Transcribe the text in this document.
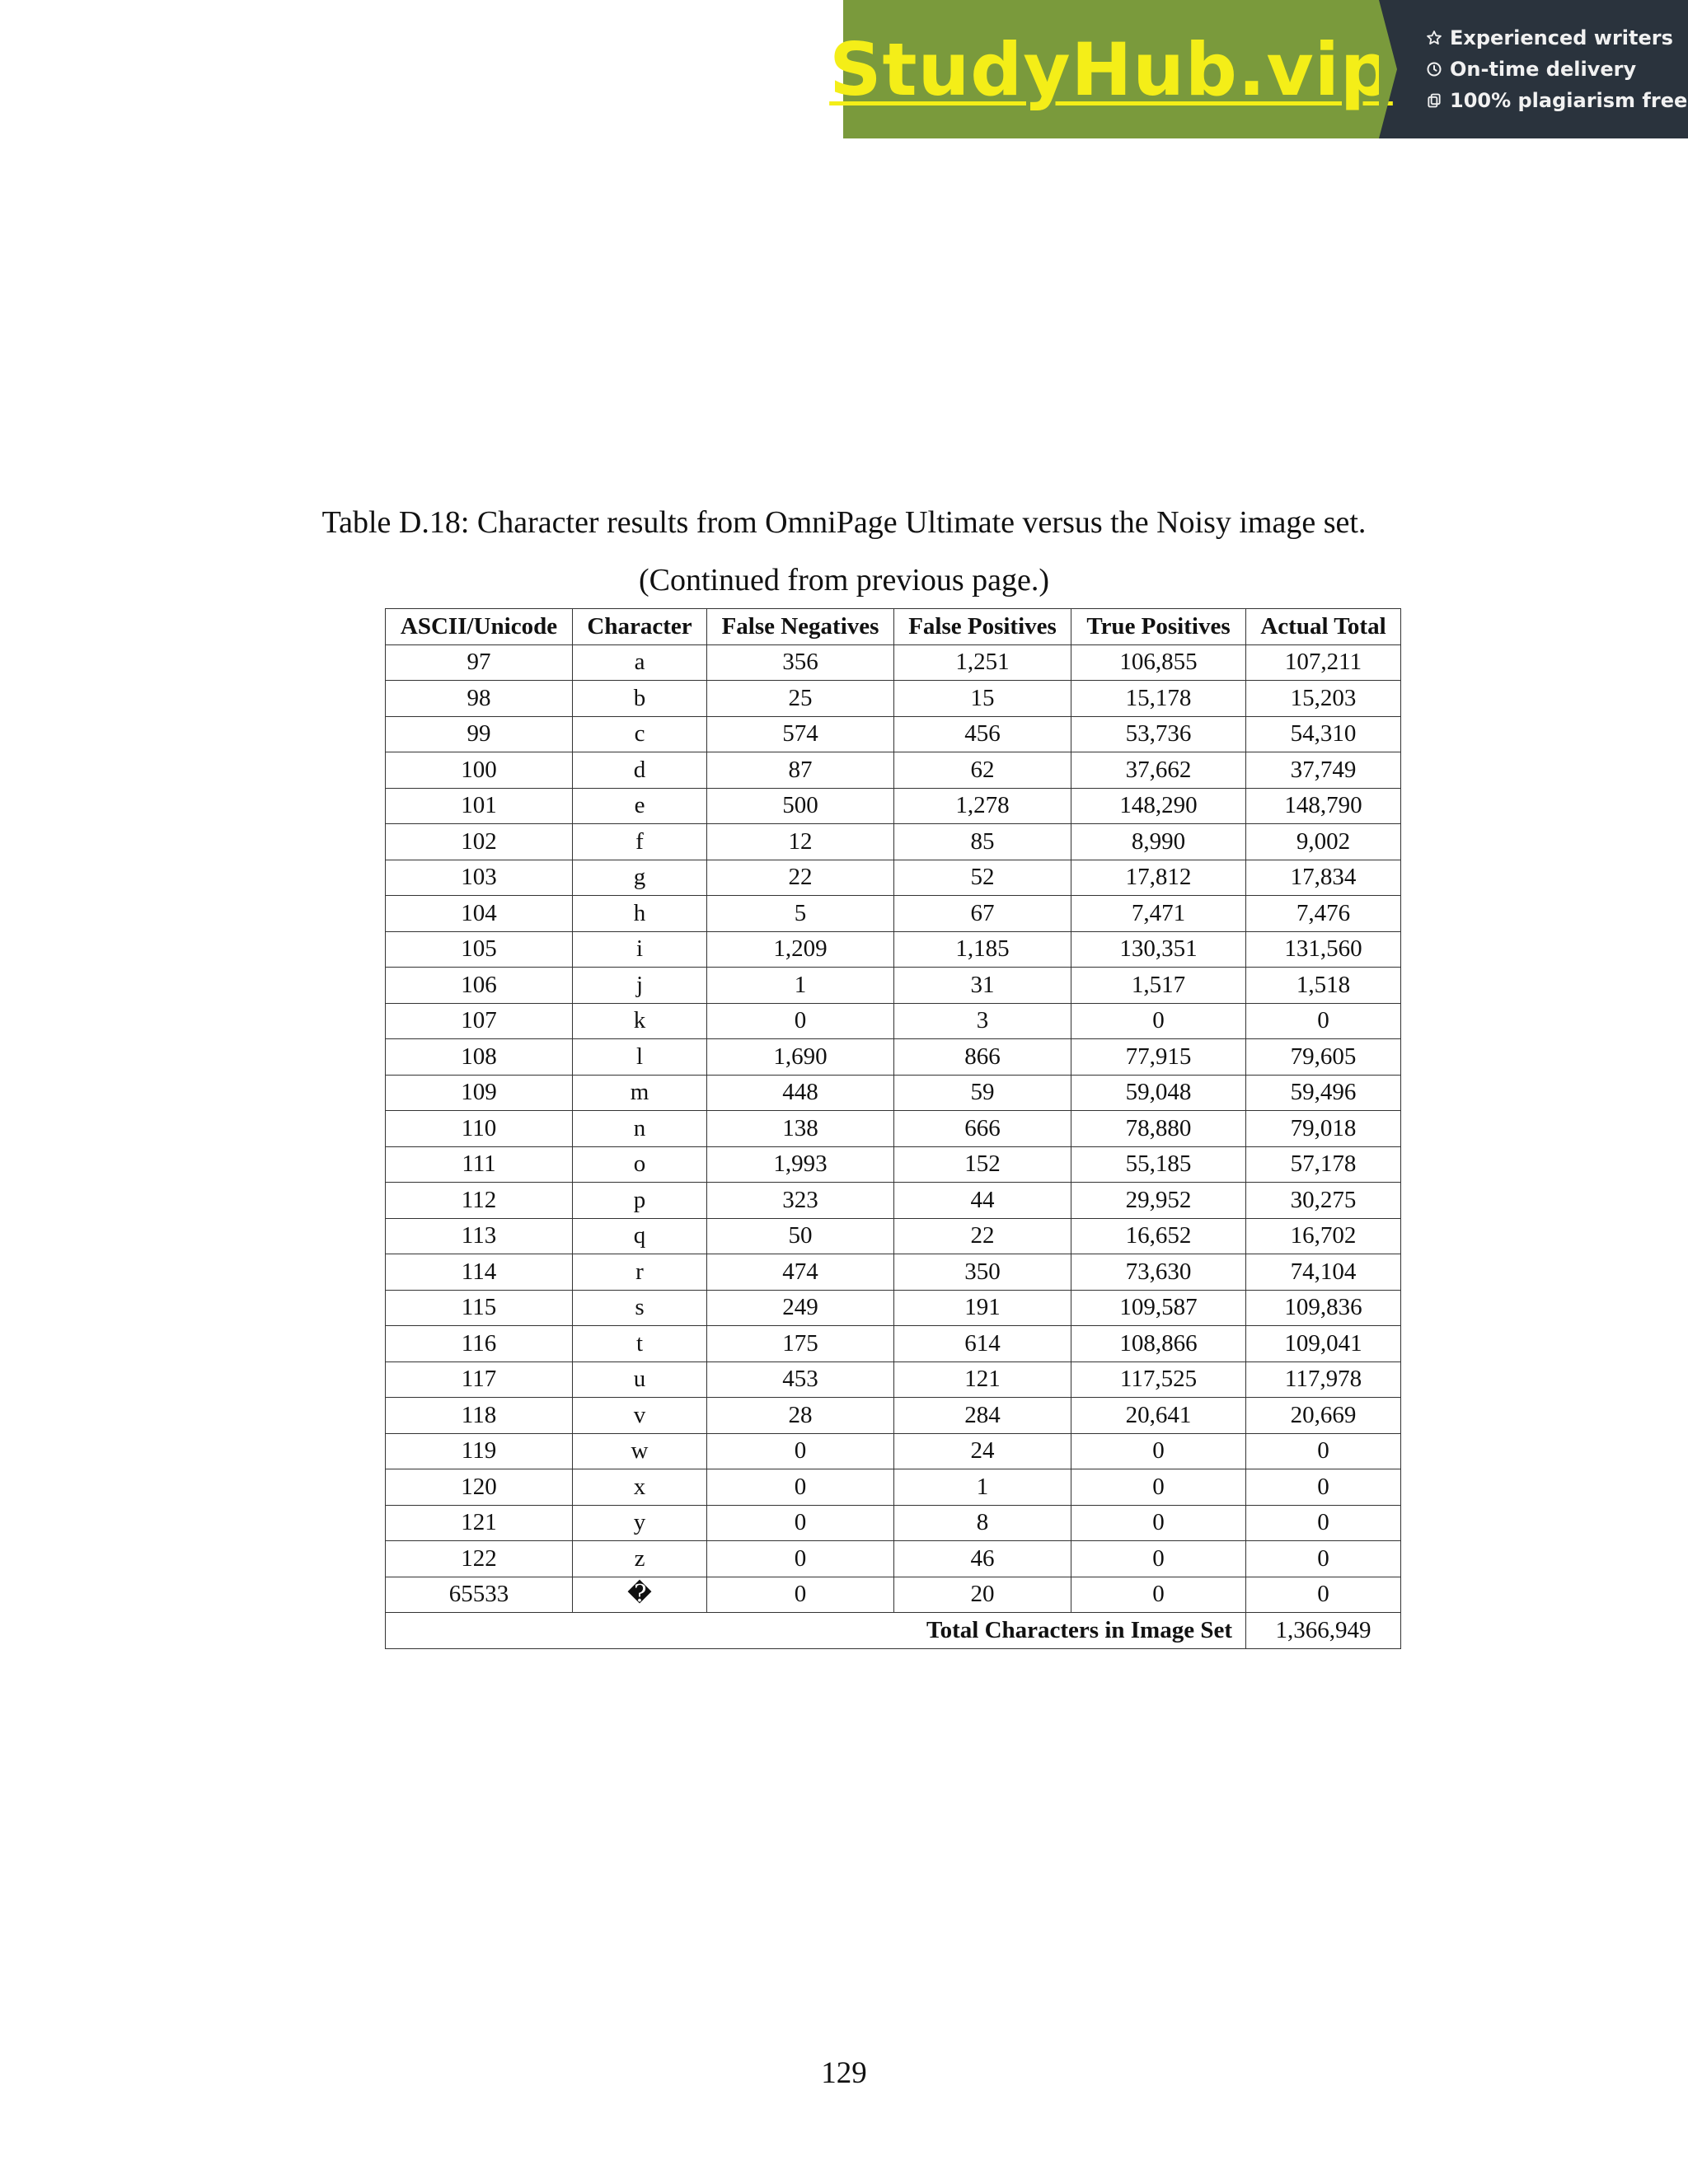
StudyHub.vip	Experienced writers
On-time delivery
100% plagiarism free
Table D.18: Character results from OmniPage Ultimate versus the Noisy image set.
(Continued from previous page.)
ASCII/Unicode	Character	False Negatives	False Positives	True Positives	Actual Total
97	a	356	1,251	106,855	107,211
98	b	25	15	15,178	15,203
99	c	574	456	53,736	54,310
100	d	87	62	37,662	37,749
101	e	500	1,278	148,290	148,790
102	f	12	85	8,990	9,002
103	g	22	52	17,812	17,834
104	h	5	67	7,471	7,476
105	i	1,209	1,185	130,351	131,560
106	j	1	31	1,517	1,518
107	k	0	3	0	0
108	l	1,690	866	77,915	79,605
109	m	448	59	59,048	59,496
110	n	138	666	78,880	79,018
111	o	1,993	152	55,185	57,178
112	p	323	44	29,952	30,275
113	q	50	22	16,652	16,702
114	r	474	350	73,630	74,104
115	s	249	191	109,587	109,836
116	t	175	614	108,866	109,041
117	u	453	121	117,525	117,978
118	v	28	284	20,641	20,669
119	w	0	24	0	0
120	x	0	1	0	0
121	y	0	8	0	0
122	z	0	46	0	0
65533	�	0	20	0	0
Total Characters in Image Set					1,366,949
129
